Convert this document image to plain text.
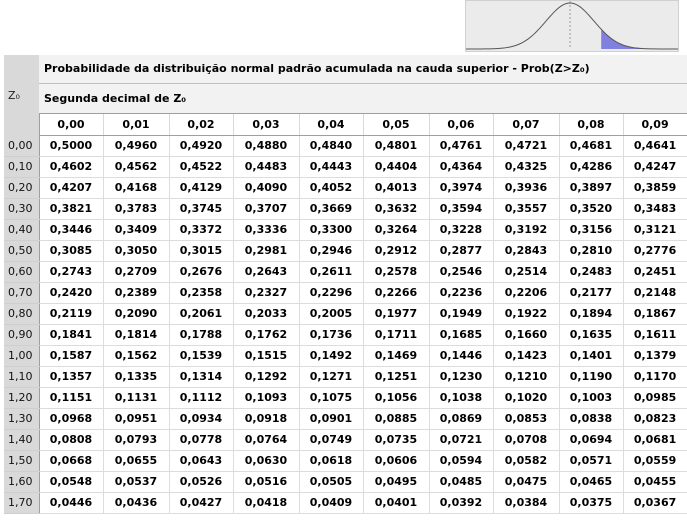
Z₀	Probabilidade da distribuição normal padrão acumulada na cauda superior - Prob(Z>Z₀)									
	Segunda decimal de Z₀									
	0,00	0,01	0,02	0,03	0,04	0,05	0,06	0,07	0,08	0,09
0,00	0,5000	0,4960	0,4920	0,4880	0,4840	0,4801	0,4761	0,4721	0,4681	0,4641
0,10	0,4602	0,4562	0,4522	0,4483	0,4443	0,4404	0,4364	0,4325	0,4286	0,4247
0,20	0,4207	0,4168	0,4129	0,4090	0,4052	0,4013	0,3974	0,3936	0,3897	0,3859
0,30	0,3821	0,3783	0,3745	0,3707	0,3669	0,3632	0,3594	0,3557	0,3520	0,3483
0,40	0,3446	0,3409	0,3372	0,3336	0,3300	0,3264	0,3228	0,3192	0,3156	0,3121
0,50	0,3085	0,3050	0,3015	0,2981	0,2946	0,2912	0,2877	0,2843	0,2810	0,2776
0,60	0,2743	0,2709	0,2676	0,2643	0,2611	0,2578	0,2546	0,2514	0,2483	0,2451
0,70	0,2420	0,2389	0,2358	0,2327	0,2296	0,2266	0,2236	0,2206	0,2177	0,2148
0,80	0,2119	0,2090	0,2061	0,2033	0,2005	0,1977	0,1949	0,1922	0,1894	0,1867
0,90	0,1841	0,1814	0,1788	0,1762	0,1736	0,1711	0,1685	0,1660	0,1635	0,1611
1,00	0,1587	0,1562	0,1539	0,1515	0,1492	0,1469	0,1446	0,1423	0,1401	0,1379
1,10	0,1357	0,1335	0,1314	0,1292	0,1271	0,1251	0,1230	0,1210	0,1190	0,1170
1,20	0,1151	0,1131	0,1112	0,1093	0,1075	0,1056	0,1038	0,1020	0,1003	0,0985
1,30	0,0968	0,0951	0,0934	0,0918	0,0901	0,0885	0,0869	0,0853	0,0838	0,0823
1,40	0,0808	0,0793	0,0778	0,0764	0,0749	0,0735	0,0721	0,0708	0,0694	0,0681
1,50	0,0668	0,0655	0,0643	0,0630	0,0618	0,0606	0,0594	0,0582	0,0571	0,0559
1,60	0,0548	0,0537	0,0526	0,0516	0,0505	0,0495	0,0485	0,0475	0,0465	0,0455
1,70	0,0446	0,0436	0,0427	0,0418	0,0409	0,0401	0,0392	0,0384	0,0375	0,0367
